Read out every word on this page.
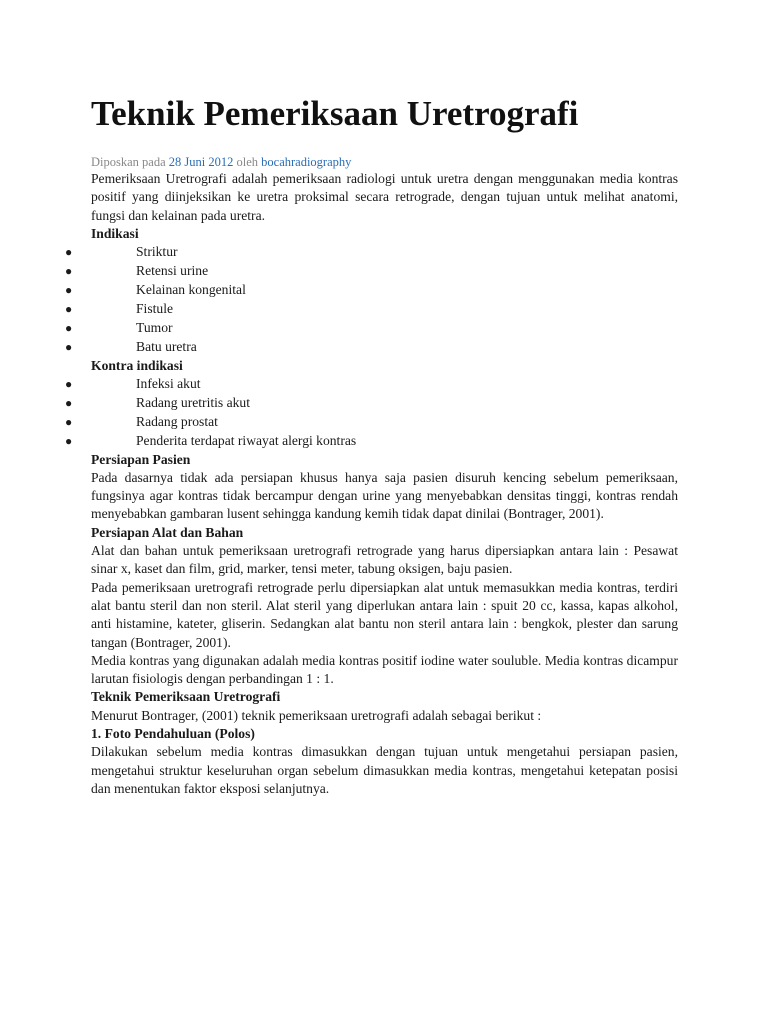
Teknik Pemeriksaan Uretrografi
Diposkan pada 28 Juni 2012 oleh bocahradiography

Pemeriksaan Uretrografi adalah pemeriksaan radiologi untuk uretra dengan menggunakan media kontras positif yang diinjeksikan ke uretra proksimal secara retrograde, dengan tujuan untuk melihat anatomi, fungsi dan kelainan pada uretra.

Indikasi
●	Striktur
●	Retensi urine
●	Kelainan kongenital
●	Fistule
●	Tumor
●	Batu uretra
Kontra indikasi
●	Infeksi akut
●	Radang uretritis akut
●	Radang prostat
●	Penderita terdapat riwayat alergi kontras
Persiapan Pasien

Pada dasarnya tidak ada persiapan khusus hanya saja pasien disuruh kencing sebelum pemeriksaan, fungsinya agar kontras tidak bercampur dengan urine yang menyebabkan densitas tinggi, kontras rendah menyebabkan gambaran lusent sehingga kandung kemih tidak dapat dinilai (Bontrager, 2001).

Persiapan Alat dan Bahan

Alat dan bahan untuk pemeriksaan uretrografi retrograde yang harus dipersiapkan antara lain : Pesawat sinar x, kaset dan film, grid, marker, tensi meter, tabung oksigen, baju pasien.

Pada pemeriksaan uretrografi retrograde perlu dipersiapkan alat untuk memasukkan media kontras, terdiri alat bantu steril dan non steril. Alat steril yang diperlukan antara lain : spuit 20 cc, kassa, kapas alkohol, anti histamine, kateter, gliserin. Sedangkan alat bantu non steril antara lain : bengkok, plester dan sarung tangan (Bontrager, 2001).

Media kontras yang digunakan adalah media kontras positif iodine water souluble. Media kontras dicampur larutan fisiologis dengan perbandingan 1 : 1.

Teknik Pemeriksaan Uretrografi

Menurut Bontrager, (2001) teknik pemeriksaan uretrografi adalah sebagai berikut :

1. Foto Pendahuluan (Polos)

Dilakukan sebelum media kontras dimasukkan dengan tujuan untuk mengetahui persiapan pasien, mengetahui struktur keseluruhan organ sebelum dimasukkan media kontras, mengetahui ketepatan posisi dan menentukan faktor eksposi selanjutnya.
